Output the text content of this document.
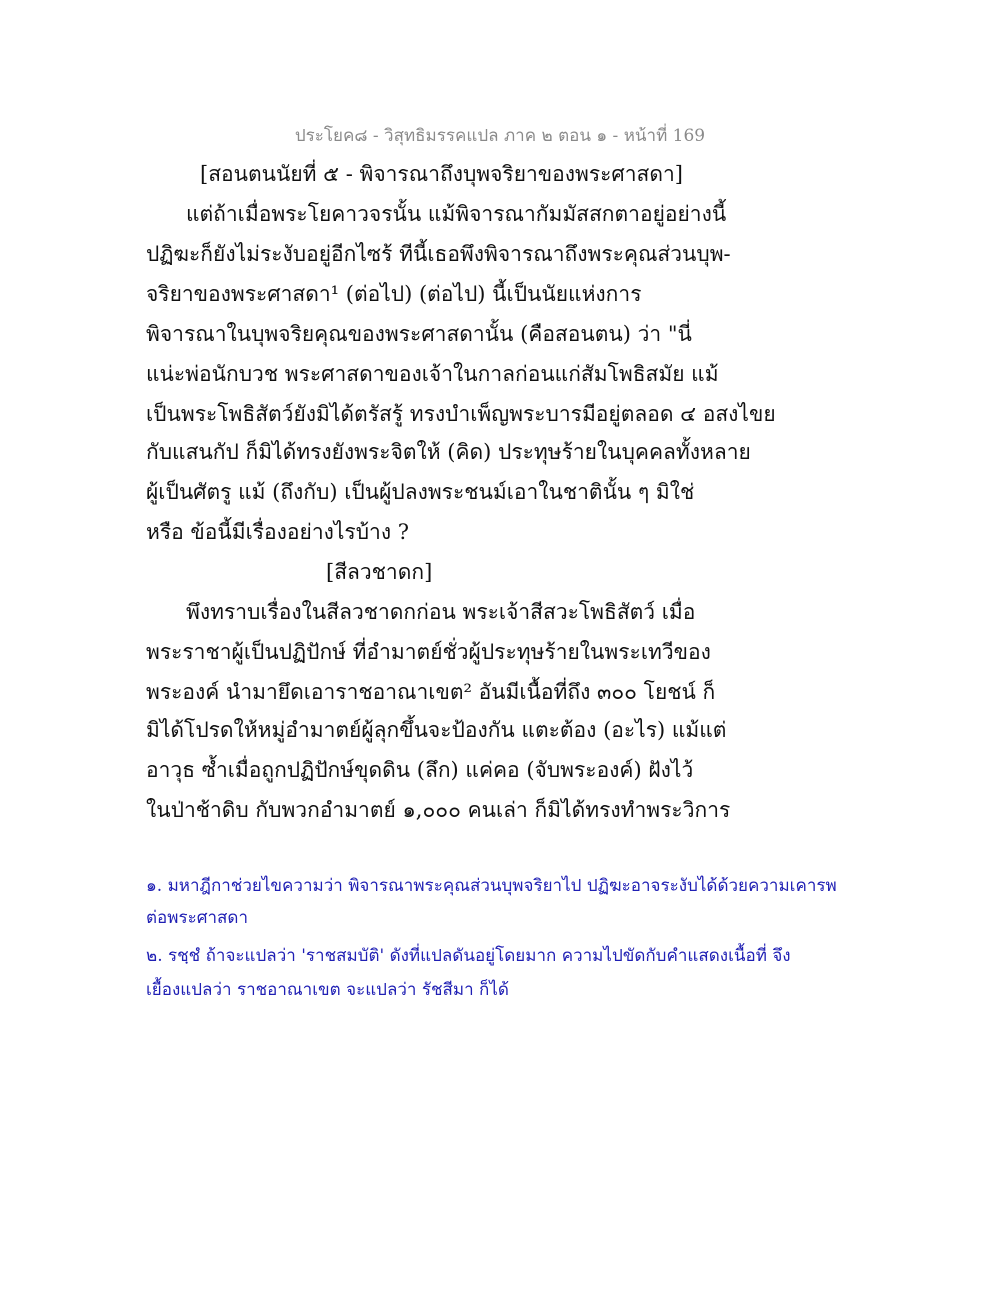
ประโยค๘ - วิสุทธิมรรคแปล ภาค ๒ ตอน ๑ - หน้าที่ 169
[สอนตนนัยที่ ๕ - พิจารณาถึงบุพจริยาของพระศาสดา]
แต่ถ้าเมื่อพระโยคาวจรนั้น แม้พิจารณากัมมัสสกตาอยู่อย่างนี้
ปฏิฆะก็ยังไม่ระงับอยู่อีกไซร้ ทีนี้เธอพึงพิจารณาถึงพระคุณส่วนบุพ-
จริยาของพระศาสดา¹ (ต่อไป) (ต่อไป) นี้เป็นนัยแห่งการ
พิจารณาในบุพจริยคุณของพระศาสดานั้น (คือสอนตน) ว่า "นี่
แน่ะพ่อนักบวช พระศาสดาของเจ้าในกาลก่อนแก่สัมโพธิสมัย แม้
เป็นพระโพธิสัตว์ยังมิได้ตรัสรู้ ทรงบำเพ็ญพระบารมีอยู่ตลอด ๔ อสงไขย
กับแสนกัป ก็มิได้ทรงยังพระจิตให้ (คิด) ประทุษร้ายในบุคคลทั้งหลาย
ผู้เป็นศัตรู แม้ (ถึงกับ) เป็นผู้ปลงพระชนม์เอาในชาตินั้น ๆ มิใช่
หรือ ข้อนี้มีเรื่องอย่างไรบ้าง ?
[สีลวชาดก]
พึงทราบเรื่องในสีลวชาดกก่อน พระเจ้าสีสวะโพธิสัตว์ เมื่อ
พระราชาผู้เป็นปฏิปักษ์ ที่อำมาตย์ชั่วผู้ประทุษร้ายในพระเทวีของ
พระองค์ นำมายึดเอาราชอาณาเขต² อันมีเนื้อที่ถึง ๓๐๐ โยชน์ ก็
มิได้โปรดให้หมู่อำมาตย์ผู้ลุกขึ้นจะป้องกัน แตะต้อง (อะไร) แม้แต่
อาวุธ ซ้ำเมื่อถูกปฏิปักษ์ขุดดิน (ลึก) แค่คอ (จับพระองค์) ฝังไว้
ในป่าช้าดิบ กับพวกอำมาตย์ ๑,๐๐๐ คนเล่า ก็มิได้ทรงทำพระวิการ
๑. มหาฎีกาช่วยไขความว่า พิจารณาพระคุณส่วนบุพจริยาไป ปฏิฆะอาจระงับได้ด้วยความเคารพ
ต่อพระศาสดา
๒. รชฺชํ ถ้าจะแปลว่า 'ราชสมบัติ' ดังที่แปลดันอยู่โดยมาก ความไปขัดกับคำแสดงเนื้อที่ จึง
เยื้องแปลว่า ราชอาณาเขต จะแปลว่า รัชสีมา ก็ได้
